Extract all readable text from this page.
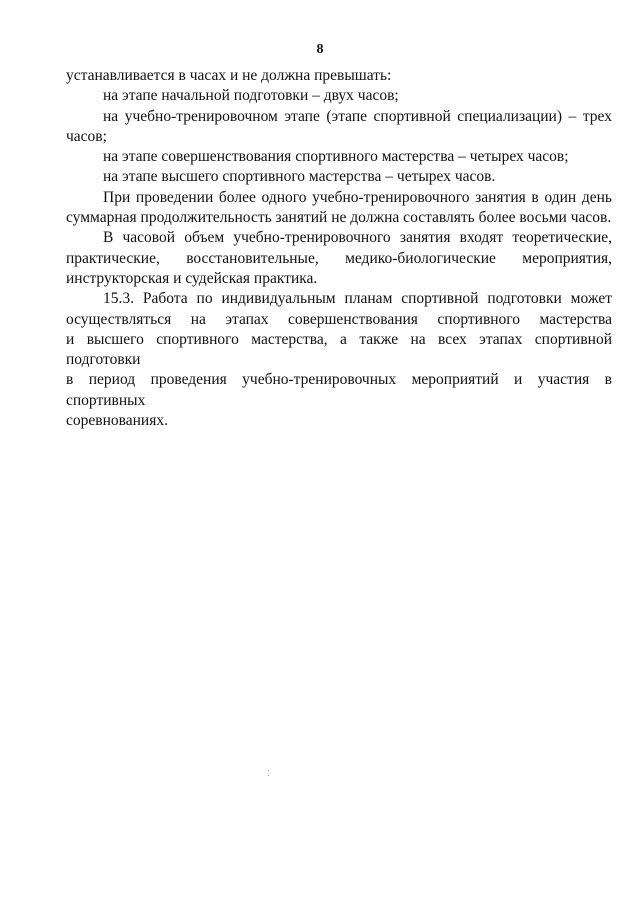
8
устанавливается в часах и не должна превышать:
на этапе начальной подготовки – двух часов;
на учебно-тренировочном этапе (этапе спортивной специализации) – трех
часов;
на этапе совершенствования спортивного мастерства – четырех часов;
на этапе высшего спортивного мастерства – четырех часов.
При проведении более одного учебно-тренировочного занятия в один день
суммарная продолжительность занятий не должна составлять более восьми часов.
В часовой объем учебно-тренировочного занятия входят теоретические,
практические, восстановительные, медико-биологические мероприятия,
инструкторская и судейская практика.
15.3. Работа по индивидуальным планам спортивной подготовки может
осуществляться на этапах совершенствования спортивного мастерства
и высшего спортивного мастерства, а также на всех этапах спортивной подготовки
в период проведения учебно-тренировочных мероприятий и участия в спортивных
соревнованиях.
